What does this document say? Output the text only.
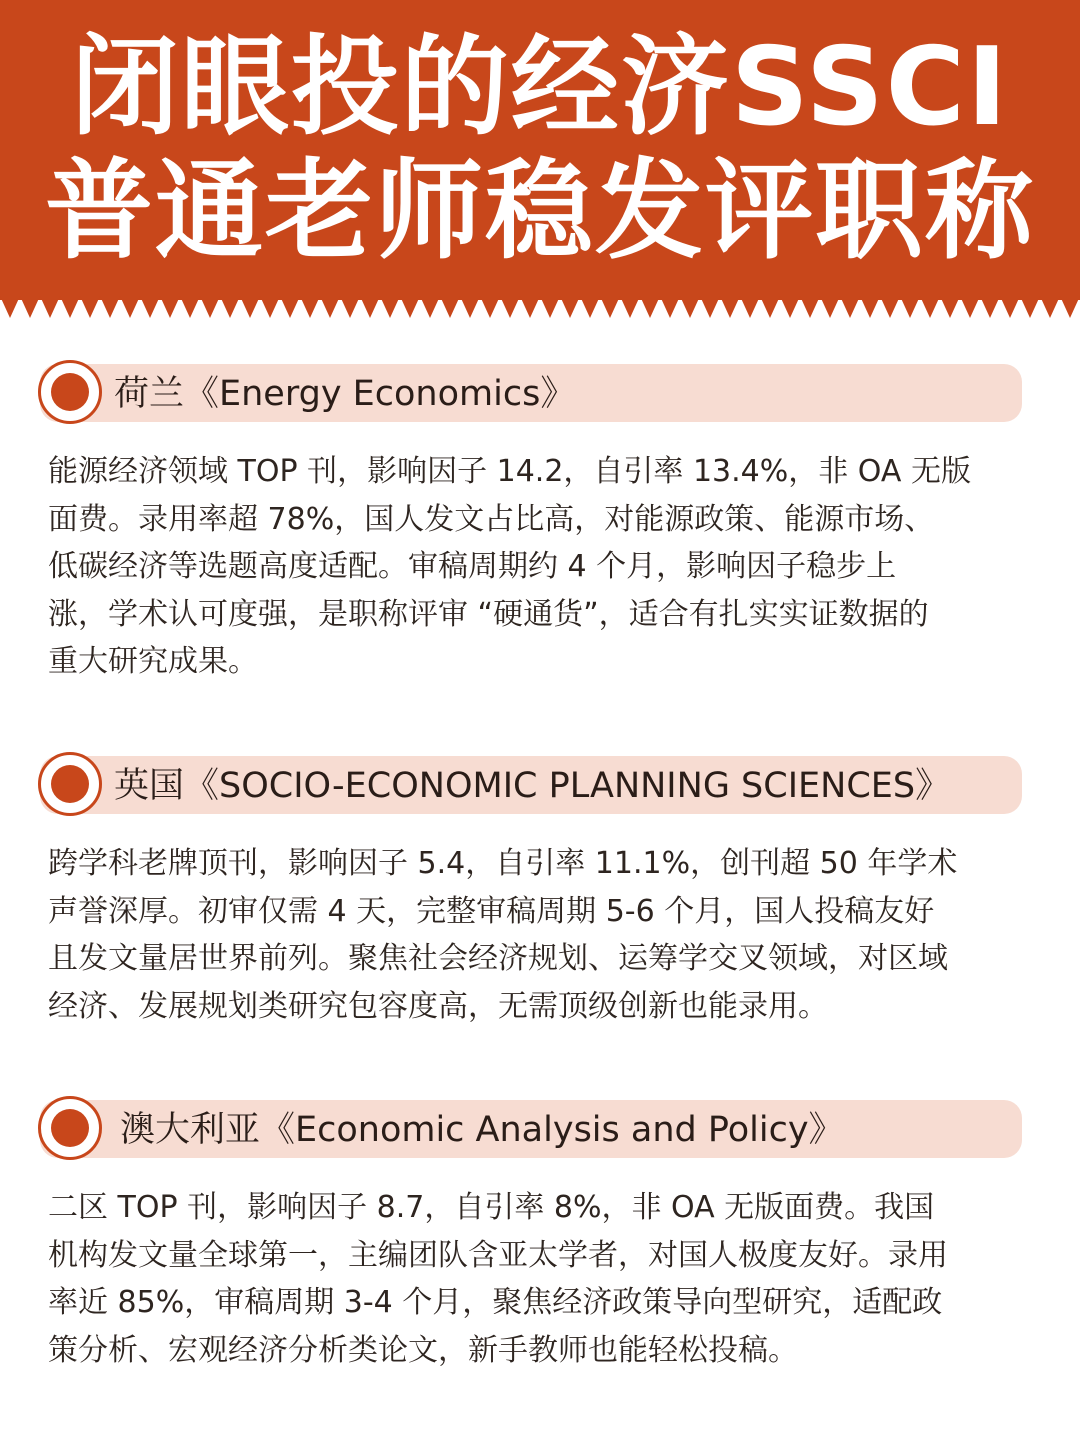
闭眼投的经济SSCI
普通老师稳发评职称
荷兰《Energy Economics》

能源经济领域 TOP 刊，影响因子 14.2，自引率 13.4%，非 OA 无版
面费。录用率超 78%，国人发文占比高，对能源政策、能源市场、
低碳经济等选题高度适配。审稿周期约 4 个月，影响因子稳步上
涨，学术认可度强，是职称评审 “硬通货”，适合有扎实实证数据的
重大研究成果。

英国《SOCIO-ECONOMIC PLANNING SCIENCES》

跨学科老牌顶刊，影响因子 5.4，自引率 11.1%，创刊超 50 年学术
声誉深厚。初审仅需 4 天，完整审稿周期 5-6 个月，国人投稿友好
且发文量居世界前列。聚焦社会经济规划、运筹学交叉领域，对区域
经济、发展规划类研究包容度高，无需顶级创新也能录用。

澳大利亚《Economic Analysis and Policy》

二区 TOP 刊，影响因子 8.7，自引率 8%，非 OA 无版面费。我国
机构发文量全球第一，主编团队含亚太学者，对国人极度友好。录用
率近 85%，审稿周期 3-4 个月，聚焦经济政策导向型研究，适配政
策分析、宏观经济分析类论文，新手教师也能轻松投稿。
